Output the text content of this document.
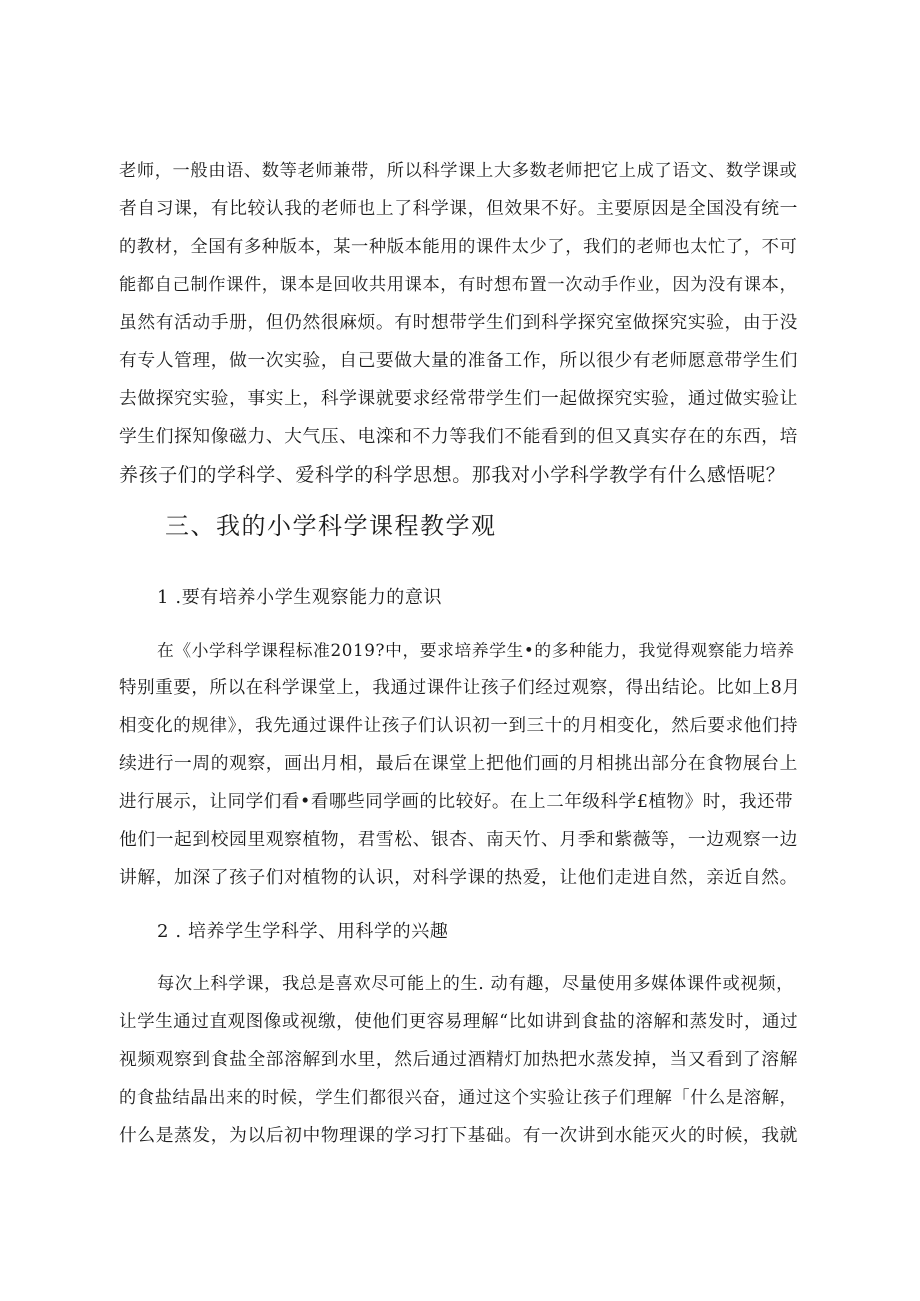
老师，一般由语、数等老师兼带，所以科学课上大多数老师把它上成了语文、数学课或
者自习课，有比较认我的老师也上了科学课，但效果不好。主要原因是全国没有统一
的教材，全国有多种版本，某一种版本能用的课件太少了，我们的老师也太忙了，不可
能都自己制作课件，课本是回收共用课本，有时想布置一次动手作业，因为没有课本，
虽然有活动手册，但仍然很麻烦。有时想带学生们到科学探究室做探究实验，由于没
有专人管理，做一次实验，自己要做大量的准备工作，所以很少有老师愿意带学生们
去做探究实验，事实上，科学课就要求经常带学生们一起做探究实验，通过做实验让
学生们探知像磁力、大气压、电滦和不力等我们不能看到的但又真实存在的东西，培
养孩子们的学科学、爱科学的科学思想。那我对小学科学教学有什么感悟呢？
三、我的小学科学课程教学观
1 .要有培养小学生观察能力的意识
在《小学科学课程标准2019?中，要求培养学生•的多种能力，我觉得观察能力培养
特别重要，所以在科学课堂上，我通过课件让孩子们经过观察，得出结论。比如上8月
相变化的规律》，我先通过课件让孩子们认识初一到三十的月相变化，然后要求他们持
续进行一周的观察，画出月相，最后在课堂上把他们画的月相挑出部分在食物展台上
进行展示，让同学们看•看哪些同学画的比较好。在上二年级科学£植物》时，我还带
他们一起到校园里观察植物，君雪松、银杏、南天竹、月季和紫薇等，一边观察一边
讲解，加深了孩子们对植物的认识，对科学课的热爱，让他们走进自然，亲近自然。
2 . 培养学生学科学、用科学的兴趣
每次上科学课，我总是喜欢尽可能上的生. 动有趣，尽量使用多媒体课件或视频，
让学生通过直观图像或视缴，使他们更容易理解“比如讲到食盐的溶解和蒸发时，通过
视频观察到食盐全部溶解到水里，然后通过酒精灯加热把水蒸发掉，当又看到了溶解
的食盐结晶出来的时候，学生们都很兴奋，通过这个实验让孩子们理解「什么是溶解，
什么是蒸发，为以后初中物理课的学习打下基础。有一次讲到水能灭火的时候，我就
